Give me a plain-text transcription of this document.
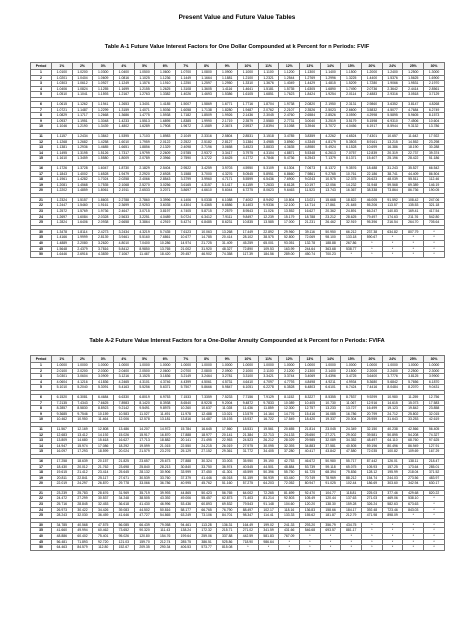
Present Value and Future Value Tables
Table A-1 Future Value Interest Factors for One Dollar Compounded at k Percent for n Periods: FVIF
Period	1%	2%	3%	4%	5%	6%	7%	8%	9%	10%	11%	12%	13%	14%	15%	20%	24%	25%	30%
1	1.0100	1.0200	1.0300	1.0400	1.0500	1.0600	1.0700	1.0800	1.0900	1.1000	1.1100	1.1200	1.1300	1.1400	1.1500	1.2000	1.2400	1.2500	1.3000
2	1.0201	1.0404	1.0609	1.0816	1.1025	1.1236	1.1449	1.1664	1.1881	1.2100	1.2321	1.2544	1.2769	1.2996	1.3225	1.4400	1.5376	1.5625	1.6900
3	1.0303	1.0612	1.0927	1.1249	1.1576	1.1910	1.2250	1.2597	1.2950	1.3310	1.3676	1.4049	1.4429	1.4815	1.5209	1.7280	1.9066	1.9531	2.1970
4	1.0406	1.0824	1.1255	1.1699	1.2155	1.2625	1.3108	1.3605	1.4116	1.4641	1.5181	1.5735	1.6305	1.6890	1.7490	2.0736	2.3642	2.4414	2.8561
5	1.0510	1.1041	1.1593	1.2167	1.2763	1.3382	1.4026	1.4693	1.5386	1.6105	1.6851	1.7623	1.8424	1.9254	2.0114	2.4883	2.9316	3.0518	3.7129

6	1.0615	1.1262	1.1941	1.2653	1.3401	1.4185	1.5007	1.5869	1.6771	1.7716	1.8704	1.9738	2.0820	2.1950	2.3131	2.9860	3.6352	3.8147	4.8268
7	1.0721	1.1487	1.2299	1.3159	1.4071	1.5036	1.6058	1.7138	1.8280	1.9487	2.0762	2.2107	2.3526	2.5023	2.6600	3.5832	4.5077	4.7684	6.2749
8	1.0829	1.1717	1.2668	1.3686	1.4775	1.5938	1.7182	1.8509	1.9926	2.1436	2.3045	2.4760	2.6584	2.8526	3.0590	4.2998	5.5895	5.9605	8.1573
9	1.0937	1.1951	1.3048	1.4233	1.5513	1.6895	1.8385	1.9990	2.1719	2.3579	2.5580	2.7731	3.0040	3.2519	3.5179	5.1598	6.9310	7.4506	10.604
10	1.1046	1.2190	1.3439	1.4802	1.6289	1.7908	1.9672	2.1589	2.3674	2.5937	2.8394	3.1058	3.3946	3.7072	4.0456	6.1917	8.5944	9.3132	13.786

11	1.1157	1.2434	1.3842	1.5395	1.7103	1.8983	2.1049	2.3316	2.5804	2.8531	3.1518	3.4785	3.8359	4.2262	4.6524	7.4301	10.657	11.642	17.922
12	1.1268	1.2682	1.4258	1.6010	1.7959	2.0122	2.2522	2.5182	2.8127	3.1384	3.4985	3.8960	4.3345	4.8179	5.3503	8.9161	13.215	14.552	23.298
13	1.1381	1.2936	1.4685	1.6651	1.8856	2.1329	2.4098	2.7196	3.0658	3.4523	3.8833	4.3635	4.8980	5.4924	6.1528	10.699	16.386	18.190	30.288
14	1.1495	1.3195	1.5126	1.7317	1.9799	2.2609	2.5785	2.9372	3.3417	3.7975	4.3104	4.8871	5.5348	6.2613	7.0757	12.839	20.319	22.737	39.374
15	1.1610	1.3459	1.5580	1.8009	2.0789	2.3966	2.7590	3.1722	3.6425	4.1772	4.7846	5.4736	6.2543	7.1379	8.1371	15.407	25.196	28.422	51.186

16	1.1726	1.3728	1.6047	1.8730	2.1829	2.5404	2.9522	3.4259	3.9703	4.5950	5.3109	6.1304	7.0673	8.1372	9.3576	18.488	31.243	35.527	66.542
17	1.1843	1.4002	1.6528	1.9479	2.2920	2.6928	3.1588	3.7000	4.3276	5.0545	5.8951	6.8660	7.9861	9.2765	10.761	22.186	38.741	44.409	86.504
18	1.1961	1.4282	1.7024	2.0258	2.4066	2.8543	3.3799	3.9960	4.7171	5.5599	6.5436	7.6900	9.0243	10.575	12.375	26.623	48.039	55.511	112.46
19	1.2081	1.4568	1.7535	2.1068	2.5270	3.0256	3.6165	4.3157	5.1417	6.1159	7.2633	8.6128	10.197	12.056	14.232	31.948	59.568	69.389	146.19
20	1.2202	1.4859	1.8061	2.1911	2.6533	3.2071	3.8697	4.6610	5.6044	6.7275	8.0623	9.6463	11.523	13.743	16.367	38.338	73.864	86.736	190.05

21	1.2324	1.5157	1.8603	2.2788	2.7860	3.3996	4.1406	5.0338	6.1088	7.4002	8.9492	10.804	13.021	15.668	18.822	46.005	91.592	108.42	247.06
22	1.2447	1.5460	1.9161	2.3699	2.9253	3.6035	4.4304	5.4365	6.6586	8.1403	9.9336	12.100	14.714	17.861	21.645	55.206	113.57	135.53	321.18
23	1.2572	1.5769	1.9736	2.4647	3.0715	3.8197	4.7405	5.8715	7.2579	8.9543	11.026	13.552	16.627	20.362	24.891	66.247	140.83	169.41	417.54
24	1.2697	1.6084	2.0328	2.5633	3.2251	4.0489	5.0724	6.3412	7.9111	9.8497	12.239	15.179	18.788	23.212	28.625	79.497	174.63	211.76	542.80
25	1.2824	1.6406	2.0938	2.6658	3.3864	4.2919	5.4274	6.8485	8.6231	10.835	13.585	17.000	21.231	26.462	32.919	95.396	216.54	264.70	705.64

30	1.3478	1.8114	2.4273	3.2434	4.3219	5.7435	7.6123	10.063	13.268	17.449	22.892	29.960	39.116	50.950	66.212	237.38	634.82	807.79	*
35	1.4166	1.9999	2.8139	3.9461	5.5160	7.6861	10.677	14.785	20.414	28.102	38.575	52.800	72.069	98.100	133.18	590.67	*	*	*
40	1.4889	2.2080	3.2620	4.8010	7.0400	10.286	14.974	21.725	31.409	45.259	65.001	93.051	132.78	188.88	267.86	*	*	*	*
45	1.5648	2.4379	3.7816	5.8412	8.9850	13.765	21.002	31.920	48.327	72.890	109.53	163.99	244.64	363.68	538.77	*	*	*	*
50	1.6446	2.6916	4.3839	7.1067	11.467	18.420	29.457	46.902	74.358	117.39	184.56	289.00	450.74	700.23	*	*	*	*	*
Table A-2 Future Value Interest Factors for a One-Dollar Annuity Compounded at k Percent for n Periods: FVIFA
Period	1%	2%	3%	4%	5%	6%	7%	8%	9%	10%	11%	12%	13%	14%	15%	20%	24%	25%	30%
1	1.0000	1.0000	1.0000	1.0000	1.0000	1.0000	1.0000	1.0000	1.0000	1.0000	1.0000	1.0000	1.0000	1.0000	1.0000	1.0000	1.0000	1.0000	1.0000
2	2.0100	2.0200	2.0300	2.0400	2.0500	2.0600	2.0700	2.0800	2.0900	2.1000	2.1100	2.1200	2.1300	2.1400	2.1500	2.2000	2.2400	2.2500	2.3000
3	3.0301	3.0604	3.0909	3.1216	3.1525	3.1836	3.2149	3.2464	3.2781	3.3100	3.3421	3.3744	3.4069	3.4396	3.4725	3.6400	3.7776	3.8125	3.9900
4	4.0604	4.1216	4.1836	4.2465	4.3101	4.3746	4.4399	4.5061	4.5731	4.6410	4.7097	4.7793	4.8498	4.9211	4.9934	5.3680	5.6842	5.7656	6.1870
5	5.1010	5.2040	5.3091	5.4163	5.5256	5.6371	5.7507	5.8666	5.9847	6.1051	6.2278	6.3528	6.4803	6.6101	6.7424	7.4416	8.0484	8.2070	9.0431

6	6.1520	6.3081	6.4684	6.6330	6.8019	6.9753	7.1533	7.3359	7.5233	7.7156	7.9129	8.1152	8.3227	8.5355	8.7537	9.9299	10.980	11.259	12.756
7	7.2135	7.4343	7.6625	7.8983	8.1420	8.3938	8.6540	8.9228	9.2004	9.4872	9.7833	10.089	10.405	10.730	11.067	12.916	14.615	15.073	17.583
8	8.2857	8.5830	8.8923	9.2142	9.5491	9.8975	10.260	10.637	11.028	11.436	11.859	12.300	12.757	13.233	13.727	16.499	19.123	19.842	23.858
9	9.3685	9.7546	10.159	10.583	11.027	11.491	11.978	12.488	13.021	13.579	14.164	14.776	15.416	16.085	16.786	20.799	24.712	25.802	32.015
10	10.462	10.950	11.464	12.006	12.578	13.181	13.816	14.487	15.193	15.937	16.722	17.549	18.420	19.337	20.304	25.959	31.643	33.253	42.619

11	11.567	12.169	12.808	13.486	14.207	14.972	15.784	16.645	17.560	18.531	19.561	20.655	21.814	23.045	24.349	32.150	40.238	42.566	56.405
12	12.683	13.412	14.192	15.026	15.917	16.870	17.888	18.977	20.141	21.384	22.713	24.133	25.650	27.271	29.002	39.581	50.895	54.208	74.327
13	13.809	14.680	15.618	16.627	17.713	18.882	20.141	21.495	22.953	24.523	26.212	28.029	29.985	32.089	34.352	48.497	64.110	68.760	97.625
14	14.947	15.974	17.086	18.292	19.599	21.015	22.550	24.215	26.019	27.975	30.095	32.393	34.883	37.581	40.505	59.196	80.496	86.949	127.91
15	16.097	17.293	18.599	20.024	21.579	23.276	25.129	27.152	29.361	31.772	34.405	37.280	40.417	43.842	47.580	72.035	100.82	109.69	167.29

16	17.258	18.639	20.157	21.825	23.657	25.673	27.888	30.324	33.003	35.950	39.190	42.753	46.672	50.980	55.717	87.442	126.01	138.11	218.47
17	18.430	20.012	21.762	23.698	25.840	28.213	30.840	33.750	36.974	40.545	44.501	48.884	53.739	59.118	65.075	105.93	157.25	173.64	285.01
18	19.615	21.412	23.414	25.645	28.132	30.906	33.999	37.450	41.301	45.599	50.396	55.750	61.725	68.394	75.836	128.12	195.99	218.04	371.52
19	20.811	22.841	25.117	27.671	30.539	33.760	37.379	41.446	46.018	51.159	56.939	63.440	70.749	78.969	88.212	154.74	244.03	273.56	483.97
20	22.019	24.297	26.870	29.778	33.066	36.786	40.995	45.762	51.160	57.275	64.203	72.052	80.947	91.025	102.44	186.69	303.60	342.94	630.17

21	23.239	25.783	28.676	31.969	35.719	39.993	44.865	50.423	56.765	64.002	72.265	81.699	92.470	104.77	118.81	225.03	377.46	429.68	820.22
22	24.472	27.299	30.537	34.248	38.505	43.392	49.006	55.457	62.873	71.403	81.214	92.503	105.49	120.44	137.63	271.03	469.06	538.10	*
23	25.716	28.845	32.453	36.618	41.430	46.996	53.436	60.893	69.532	79.543	91.148	104.60	120.20	138.30	159.28	326.24	582.63	673.63	*
24	26.973	30.422	34.426	39.083	44.502	50.816	58.177	66.765	76.790	88.497	102.17	118.16	136.83	158.66	184.17	392.48	723.46	843.03	*
25	28.243	32.030	36.459	41.646	47.727	54.865	63.249	73.106	84.701	98.347	114.41	133.33	155.62	181.87	212.79	471.98	898.09	*	*

30	34.785	40.568	47.575	56.085	66.439	79.058	94.461	113.28	136.31	164.49	199.02	241.33	293.20	356.79	434.75	*	*	*	*
35	41.660	49.994	60.462	73.652	90.320	111.43	138.24	172.32	215.71	271.02	341.59	431.66	546.68	693.57	881.17	*	*	*	*
40	48.886	60.402	75.401	95.026	120.80	154.76	199.64	259.06	337.88	442.59	581.83	767.09	*	*	*	*	*	*	*
45	56.481	71.893	92.720	121.03	159.70	212.74	285.75	386.51	525.86	718.90	986.64	*	*	*	*	*	*	*	*
50	64.463	84.579	112.80	152.67	209.35	290.34	406.53	573.77	815.08	*	*	*	*	*	*	*	*	*	*
